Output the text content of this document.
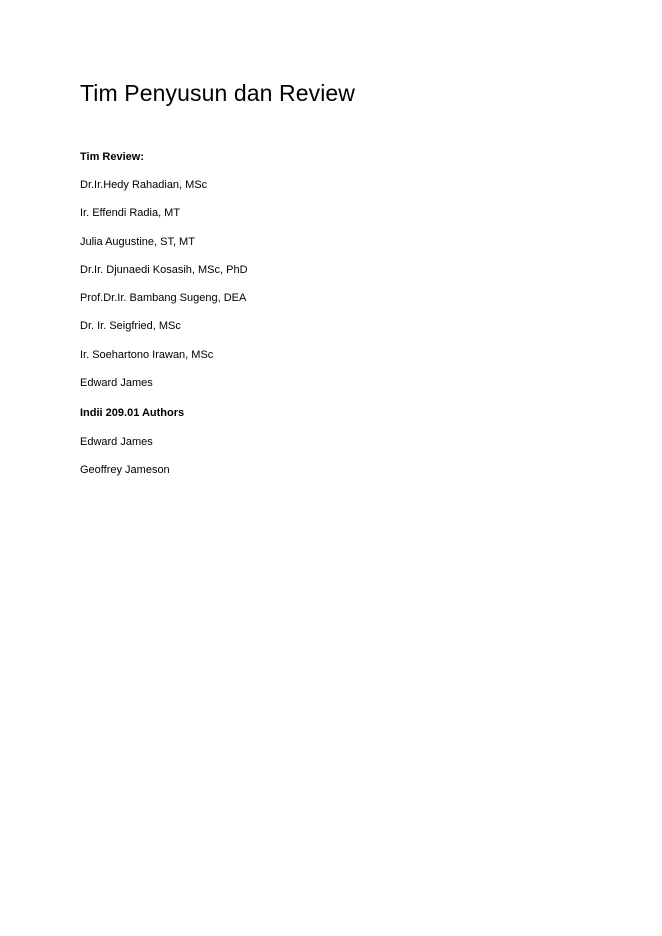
Tim Penyusun dan Review
Tim Review:
Dr.Ir.Hedy Rahadian, MSc
Ir. Effendi Radia, MT
Julia Augustine, ST, MT
Dr.Ir. Djunaedi Kosasih, MSc, PhD
Prof.Dr.Ir. Bambang Sugeng, DEA
Dr. Ir. Seigfried, MSc
Ir. Soehartono Irawan, MSc
Edward James
Indii 209.01 Authors
Edward James
Geoffrey Jameson
